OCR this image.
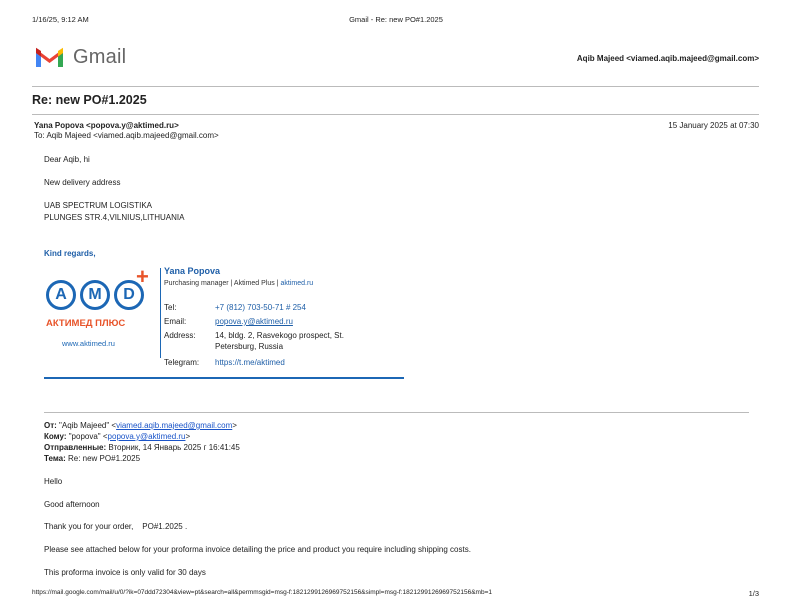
1/16/25, 9:12 AM	Gmail - Re: new PO#1.2025
Gmail	Aqib Majeed <viamed.aqib.majeed@gmail.com>
Re: new PO#1.2025
Yana Popova <popova.y@aktimed.ru>	15 January 2025 at 07:30
To: Aqib Majeed <viamed.aqib.majeed@gmail.com>
Dear Aqib, hi
New delivery address
UAB SPECTRUM LOGISTIKA
PLUNGES STR.4,VILNIUS,LITHUANIA
Kind regards,
A	M	D
+
АКТИМЕД ПЛЮС
www.aktimed.ru
Yana Popova
Purchasing manager | Aktimed Plus | aktimed.ru
Tel:	+7 (812) 703-50-71 # 254
Email:	popova.y@aktimed.ru
Address: 14, bldg. 2, Rasvekogo prospect, St.
Petersburg, Russia
Telegram: https://t.me/aktimed
От: "Aqib Majeed" <viamed.aqib.majeed@gmail.com>
Кому: "popova" <popova.y@aktimed.ru>
Отправленные: Вторник, 14 Январь 2025 г 16:41:45
Тема: Re: new PO#1.2025
Hello
Good afternoon
Thank you for your order,    PO#1.2025 .
Please see attached below for your proforma invoice detailing the price and product you require including shipping costs.
This proforma invoice is only valid for 30 days
https://mail.google.com/mail/u/0/?ik=07ddd72304&view=pt&search=all&permmsgid=msg-f:1821299126969752156&simpl=msg-f:1821299126969752156&mb=1	1/3
